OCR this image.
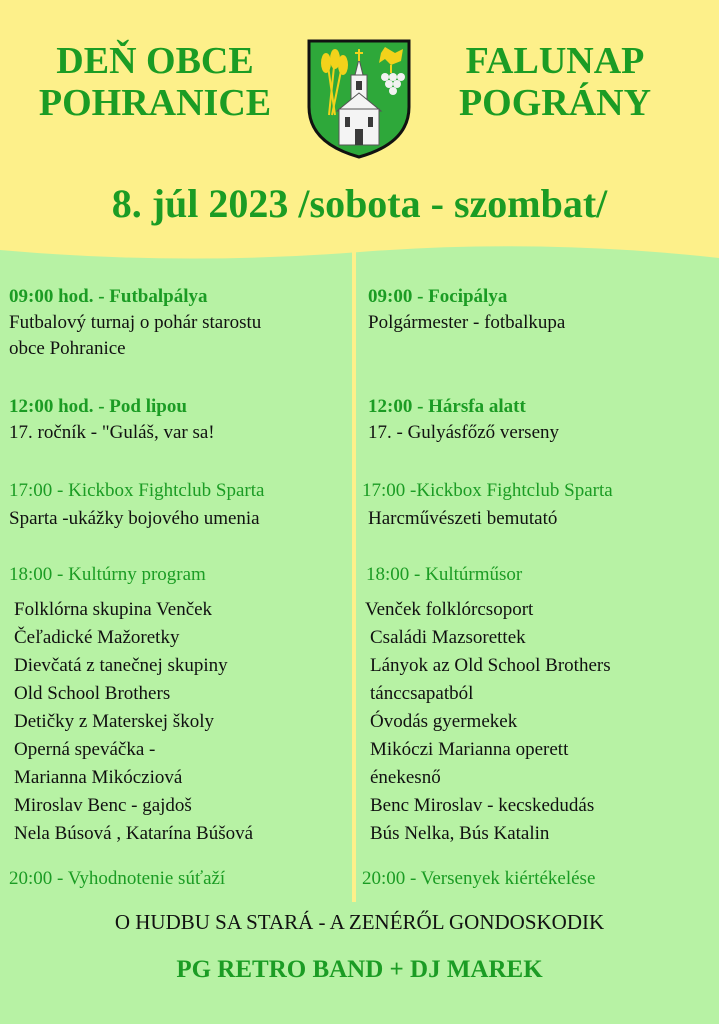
DEŇ OBCE
POHRANICE
FALUNAP
POGRÁNY
8. júl 2023 /sobota - szombat/
09:00 hod. - Futbalpálya
Futbalový turnaj o pohár starostu
obce Pohranice
12:00 hod. - Pod lipou
17. ročník - "Guláš, var sa!
17:00 - Kickbox Fightclub Sparta
Sparta -ukážky bojového umenia
18:00 - Kultúrny program
Folklórna skupina Venček
Čeľadické Mažoretky
Dievčatá z tanečnej skupiny
Old School Brothers
Detičky z Materskej školy
Operná speváčka -
Marianna Mikócziová
Miroslav Benc - gajdoš
Nela Búsová , Katarína Búšová
20:00 - Vyhodnotenie súťaží
09:00 - Focipálya
Polgármester - fotbalkupa
12:00 - Hársfa alatt
17. - Gulyásfőző verseny
17:00 -Kickbox Fightclub Sparta
Harcművészeti bemutató
18:00 - Kultúrműsor
Venček folklórcsoport
Családi Mazsorettek
Lányok az Old School Brothers
tánccsapatból
Óvodás gyermekek
Mikóczi Marianna operett
énekesnő
Benc Miroslav - kecskedudás
Bús Nelka, Bús Katalin
20:00 - Versenyek kiértékelése
O HUDBU SA STARÁ - A ZENÉRŐL GONDOSKODIK
PG RETRO BAND + DJ MAREK
